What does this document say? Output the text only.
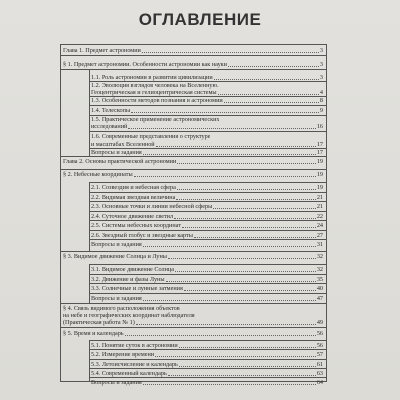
ОГЛАВЛЕНИЕ
Глава 1. Предмет астрономии	3
§ 1. Предмет астрономии. Особенности астрономии как науки	3
1.1. Роль астрономии в развитии цивилизации	3
1.2. Эволюция взглядов человека на Вселенную.
Геоцентрическая и гелиоцентрическая системы	4
1.3. Особенности методов познания в астрономии	8
1.4. Телескопы	9
1.5. Практическое применение астрономических
исследований	16
1.6. Современные представления о структуре
и масштабах Вселенной	17
Вопросы и задания	17
Глава 2. Основы практической астрономии	19
§ 2. Небесные координаты	19
2.1. Созвездия и небесная сфера	19
2.2. Видимая звездная величина	21
2.3. Основные точки и линии небесной сферы	21
2.4. Суточное движение светил	22
2.5. Системы небесных координат	24
2.6. Звездный глобус и звездные карты	27
Вопросы и задания	31
§ 3. Видимое движение Солнца и Луны	32
3.1. Видимое движение Солнца	32
3.2. Движение и фазы Луны	35
3.3. Солнечные и лунные затмения	40
Вопросы и задания	47
§ 4. Связь видимого расположения объектов
на небе и географических координат наблюдателя
(Практическая работа № 1)	49
§ 5. Время и календарь	56
5.1. Понятие суток в астрономии	56
5.2. Измерение времени	57
5.3. Летоисчисление и календарь	61
5.4. Современный календарь	63
Вопросы и задания	64
